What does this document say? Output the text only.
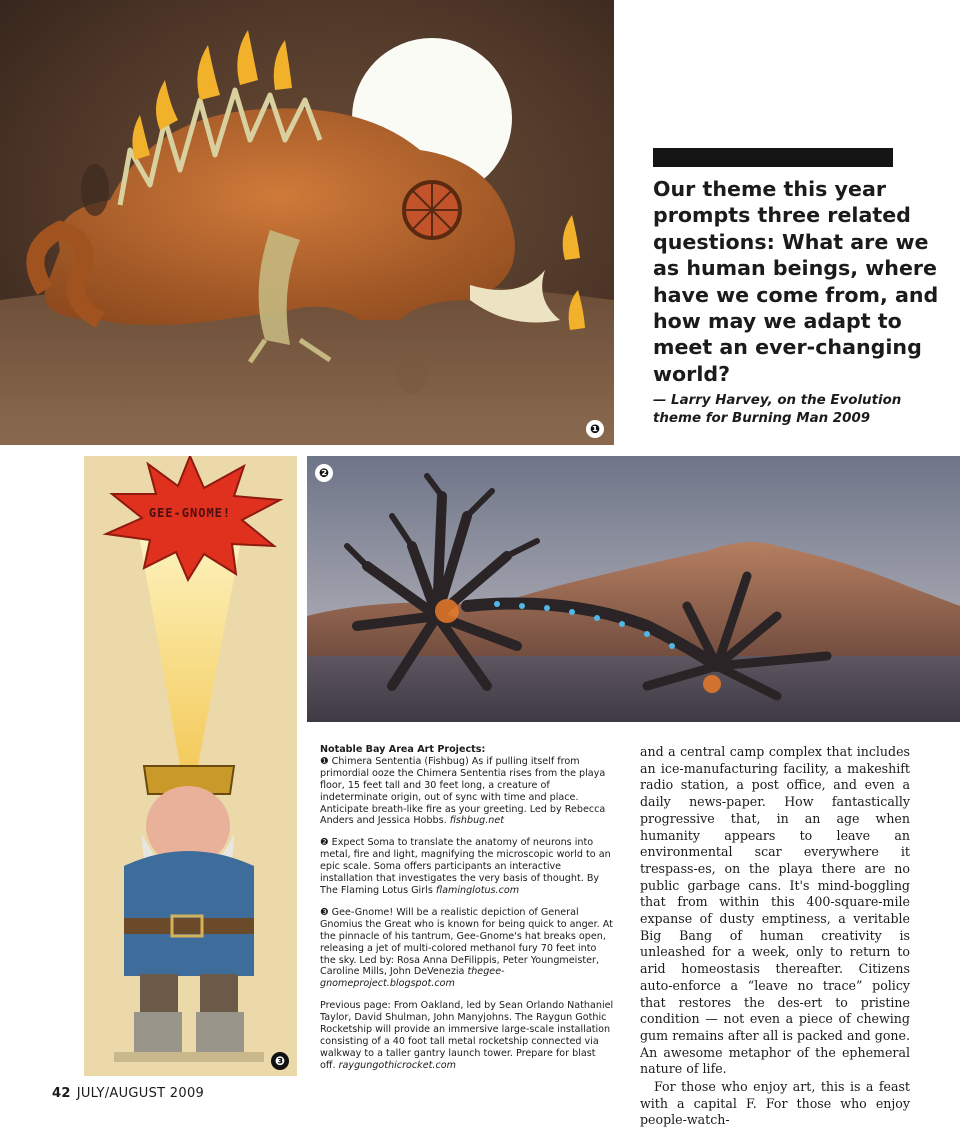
❶

Our theme this year prompts three related questions: What are we as human beings, where have we come from, and how may we adapt to meet an ever-changing world?

— Larry Harvey, on the Evolution theme for Burning Man 2009

❷
GEE-GNOME!
❸

Notable Bay Area Art Projects:

❶ Chimera Sententia (Fishbug) As if pulling itself from primordial ooze the Chimera Sententia rises from the playa floor, 15 feet tall and 30 feet long, a creature of indeterminate origin, out of sync with time and place. Anticipate breath-like fire as your greeting. Led by Rebecca Anders and Jessica Hobbs. fishbug.net

❷ Expect Soma to translate the anatomy of neurons into metal, fire and light, magnifying the microscopic world to an epic scale. Soma offers participants an interactive installation that investigates the very basis of thought. By The Flaming Lotus Girls flaminglotus.com

❸ Gee-Gnome! Will be a realistic depiction of General Gnomius the Great who is known for being quick to anger. At the pinnacle of his tantrum, Gee-Gnome's hat breaks open, releasing a jet of multi-colored methanol fury 70 feet into the sky. Led by: Rosa Anna DeFilippis, Peter Youngmeister, Caroline Mills, John DeVenezia thegee-gnomeproject.blogspot.com

Previous page: From Oakland, led by Sean Orlando Nathaniel Taylor, David Shulman, John Manyjohns. The Raygun Gothic Rocketship will provide an immersive large-scale installation consisting of a 40 foot tall metal rocketship connected via walkway to a taller gantry launch tower. Prepare for blast off. raygungothicrocket.com

and a central camp complex that includes an ice-manufacturing facility, a makeshift radio station, a post office, and even a daily news-paper. How fantastically progressive that, in an age when humanity appears to leave an environmental scar everywhere it trespass-es, on the playa there are no public garbage cans. It's mind-boggling that from within this 400-square-mile expanse of dusty emptiness, a veritable Big Bang of human creativity is unleashed for a week, only to return to arid homeostasis thereafter. Citizens auto-enforce a “leave no trace” policy that restores the des-ert to pristine condition — not even a piece of chewing gum remains after all is packed and gone. An awesome metaphor of the ephemeral nature of life.

For those who enjoy art, this is a feast with a capital F. For those who enjoy people-watch-

42 JULY/AUGUST 2009
